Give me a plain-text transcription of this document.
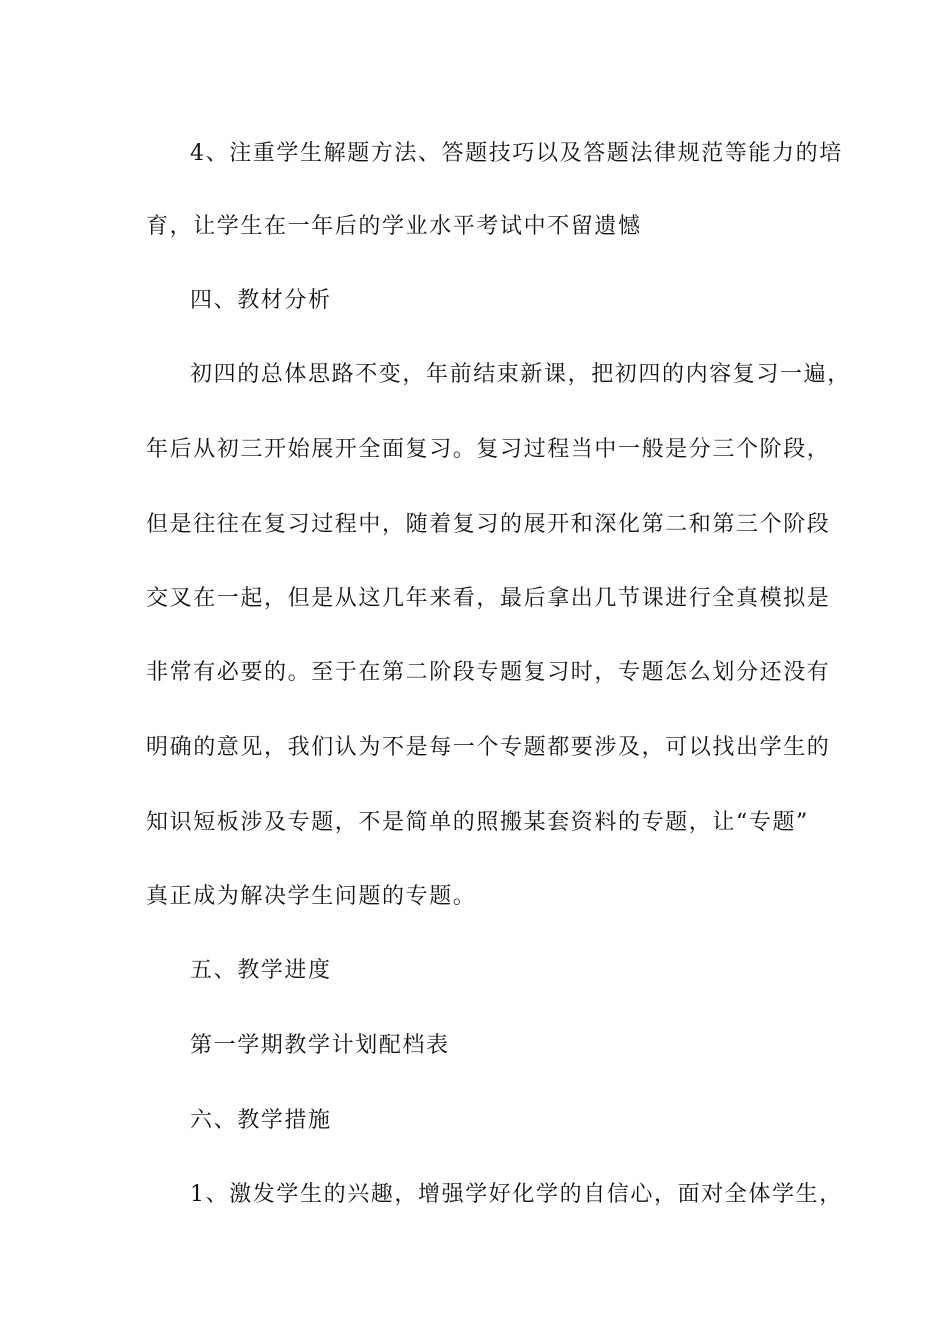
4、注重学生解题方法、答题技巧以及答题法律规范等能力的培
育，让学生在一年后的学业水平考试中不留遗憾
四、教材分析
初四的总体思路不变，年前结束新课，把初四的内容复习一遍，
年后从初三开始展开全面复习。复习过程当中一般是分三个阶段，
但是往往在复习过程中，随着复习的展开和深化第二和第三个阶段
交叉在一起，但是从这几年来看，最后拿出几节课进行全真模拟是
非常有必要的。至于在第二阶段专题复习时，专题怎么划分还没有
明确的意见，我们认为不是每一个专题都要涉及，可以找出学生的
知识短板涉及专题，不是简单的照搬某套资料的专题，让“专题”
真正成为解决学生问题的专题。
五、教学进度
第一学期教学计划配档表
六、教学措施
1、激发学生的兴趣，增强学好化学的自信心，面对全体学生，
